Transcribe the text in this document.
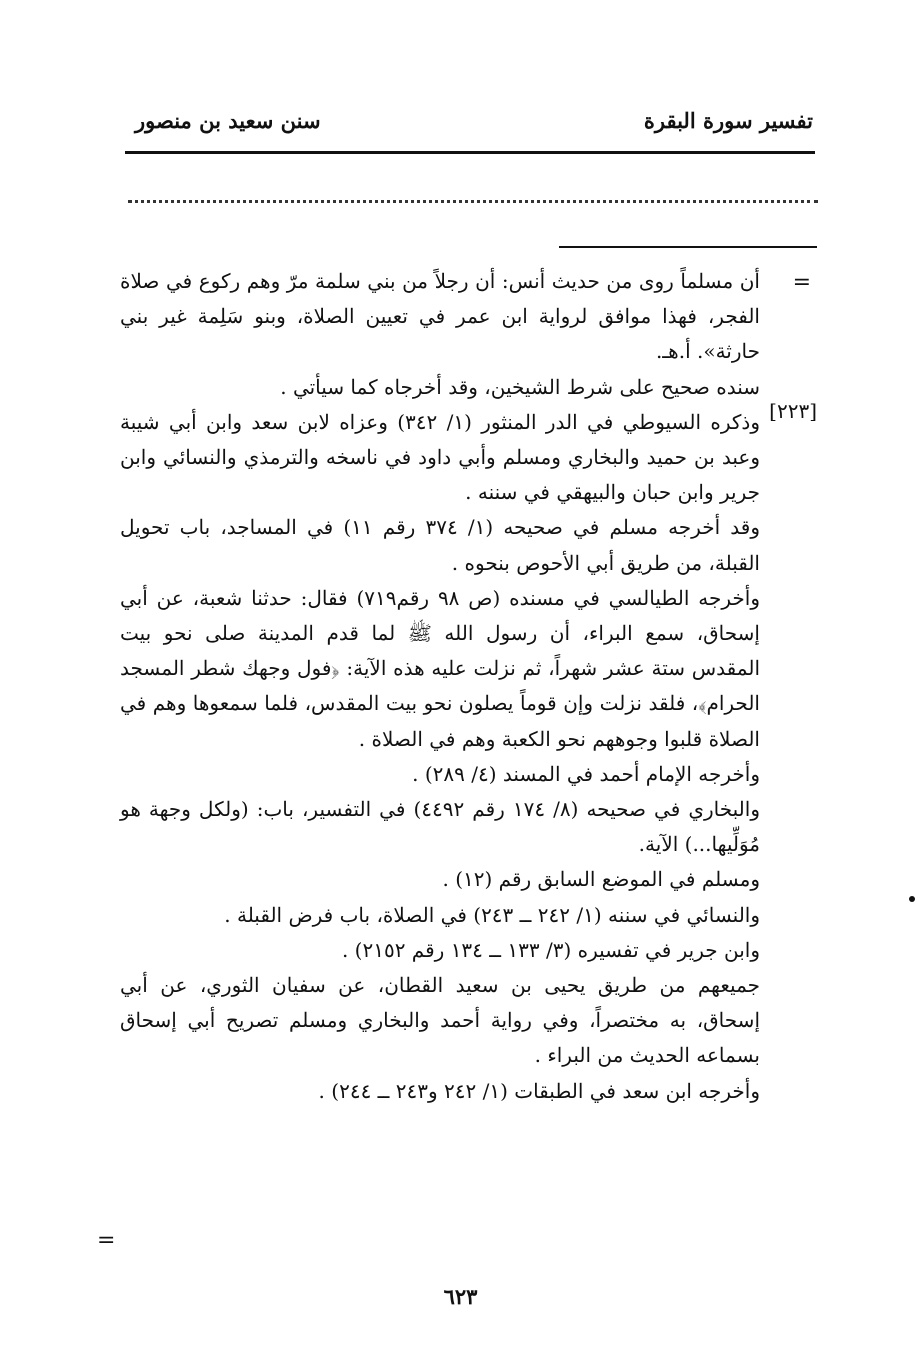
تفسير سورة البقرة
سنن سعيد بن منصور
=
[٢٢٣]

أن مسلماً روى من حديث أنس: أن رجلاً من بني سلمة مرّ وهم ركوع في صلاة الفجر، فهذا موافق لرواية ابن عمر في تعيين الصلاة، وبنو سَلِمة غير بني حارثة». أ.هـ.

سنده صحيح على شرط الشيخين، وقد أخرجاه كما سيأتي .

وذكره السيوطي في الدر المنثور (١/ ٣٤٢) وعزاه لابن سعد وابن أبي شيبة وعبد بن حميد والبخاري ومسلم وأبي داود في ناسخه والترمذي والنسائي وابن جرير وابن حبان والبيهقي في سننه .

وقد أخرجه مسلم في صحيحه (١/ ٣٧٤ رقم ١١) في المساجد، باب تحويل القبلة، من طريق أبي الأحوص بنحوه .

وأخرجه الطيالسي في مسنده (ص ٩٨ رقم٧١٩) فقال: حدثنا شعبة، عن أبي إسحاق، سمع البراء، أن رسول الله ﷺ لما قدم المدينة صلى نحو بيت المقدس ستة عشر شهراً، ثم نزلت عليه هذه الآية: ﴿فول وجهك شطر المسجد الحرام﴾، فلقد نزلت وإن قوماً يصلون نحو بيت المقدس، فلما سمعوها وهم في الصلاة قلبوا وجوههم نحو الكعبة وهم في الصلاة .

وأخرجه الإمام أحمد في المسند (٤/ ٢٨٩) .

والبخاري في صحيحه (٨/ ١٧٤ رقم ٤٤٩٢) في التفسير، باب: (ولكل وجهة هو مُوَلِّيها...) الآية.

ومسلم في الموضع السابق رقم (١٢) .

والنسائي في سننه (١/ ٢٤٢ ــ ٢٤٣) في الصلاة، باب فرض القبلة .

وابن جرير في تفسيره (٣/ ١٣٣ ــ ١٣٤ رقم ٢١٥٢) .

جميعهم من طريق يحيى بن سعيد القطان، عن سفيان الثوري، عن أبي إسحاق، به مختصراً، وفي رواية أحمد والبخاري ومسلم تصريح أبي إسحاق بسماعه الحديث من البراء .

وأخرجه ابن سعد في الطبقات (١/ ٢٤٢ و٢٤٣ ــ ٢٤٤) .

=
٦٢٣
